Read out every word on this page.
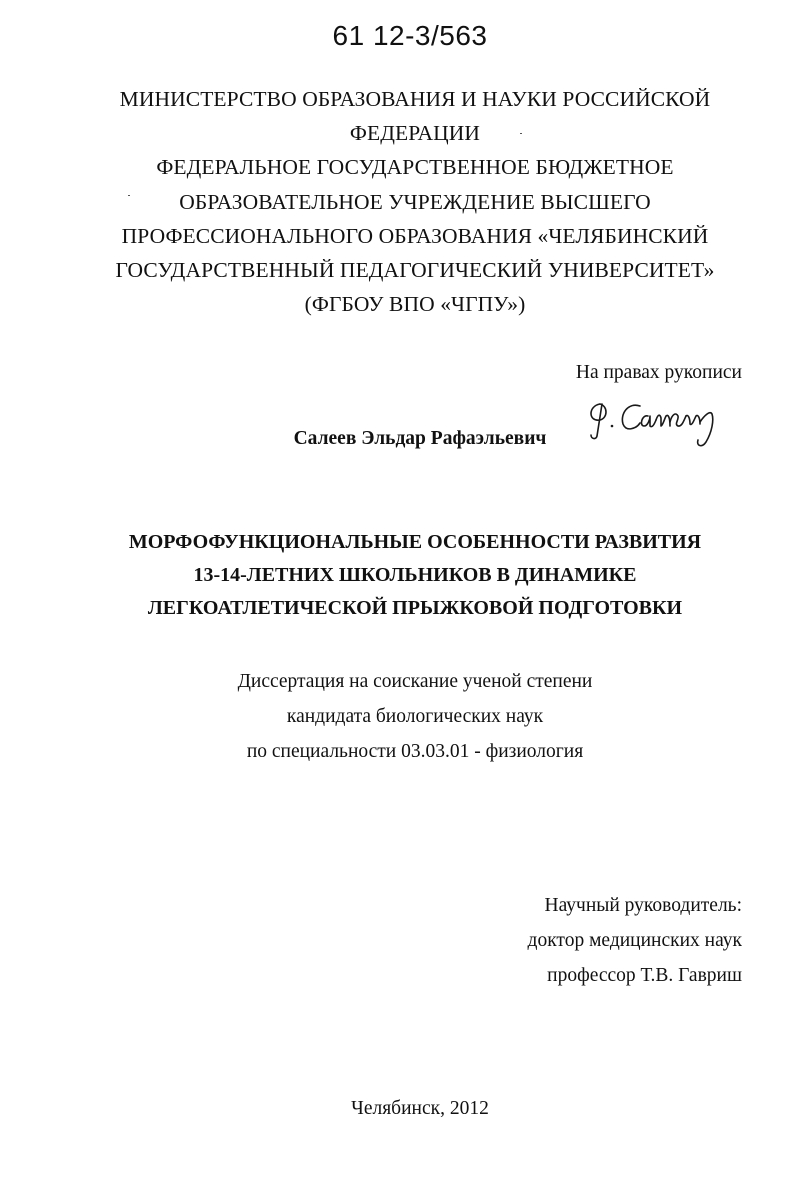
61 12-3/563
МИНИСТЕРСТВО ОБРАЗОВАНИЯ И НАУКИ РОССИЙСКОЙ
ФЕДЕРАЦИИ
ФЕДЕРАЛЬНОЕ ГОСУДАРСТВЕННОЕ БЮДЖЕТНОЕ
ОБРАЗОВАТЕЛЬНОЕ УЧРЕЖДЕНИЕ ВЫСШЕГО
ПРОФЕССИОНАЛЬНОГО ОБРАЗОВАНИЯ «ЧЕЛЯБИНСКИЙ
ГОСУДАРСТВЕННЫЙ ПЕДАГОГИЧЕСКИЙ УНИВЕРСИТЕТ»
(ФГБОУ ВПО «ЧГПУ»)
На правах рукописи
Салеев Эльдар Рафаэльевич
МОРФОФУНКЦИОНАЛЬНЫЕ ОСОБЕННОСТИ РАЗВИТИЯ
13-14-ЛЕТНИХ ШКОЛЬНИКОВ В ДИНАМИКЕ
ЛЕГКОАТЛЕТИЧЕСКОЙ ПРЫЖКОВОЙ ПОДГОТОВКИ
Диссертация на соискание ученой степени
кандидата биологических наук
по специальности 03.03.01 - физиология
Научный руководитель:
доктор медицинских наук
профессор Т.В. Гавриш
Челябинск, 2012
